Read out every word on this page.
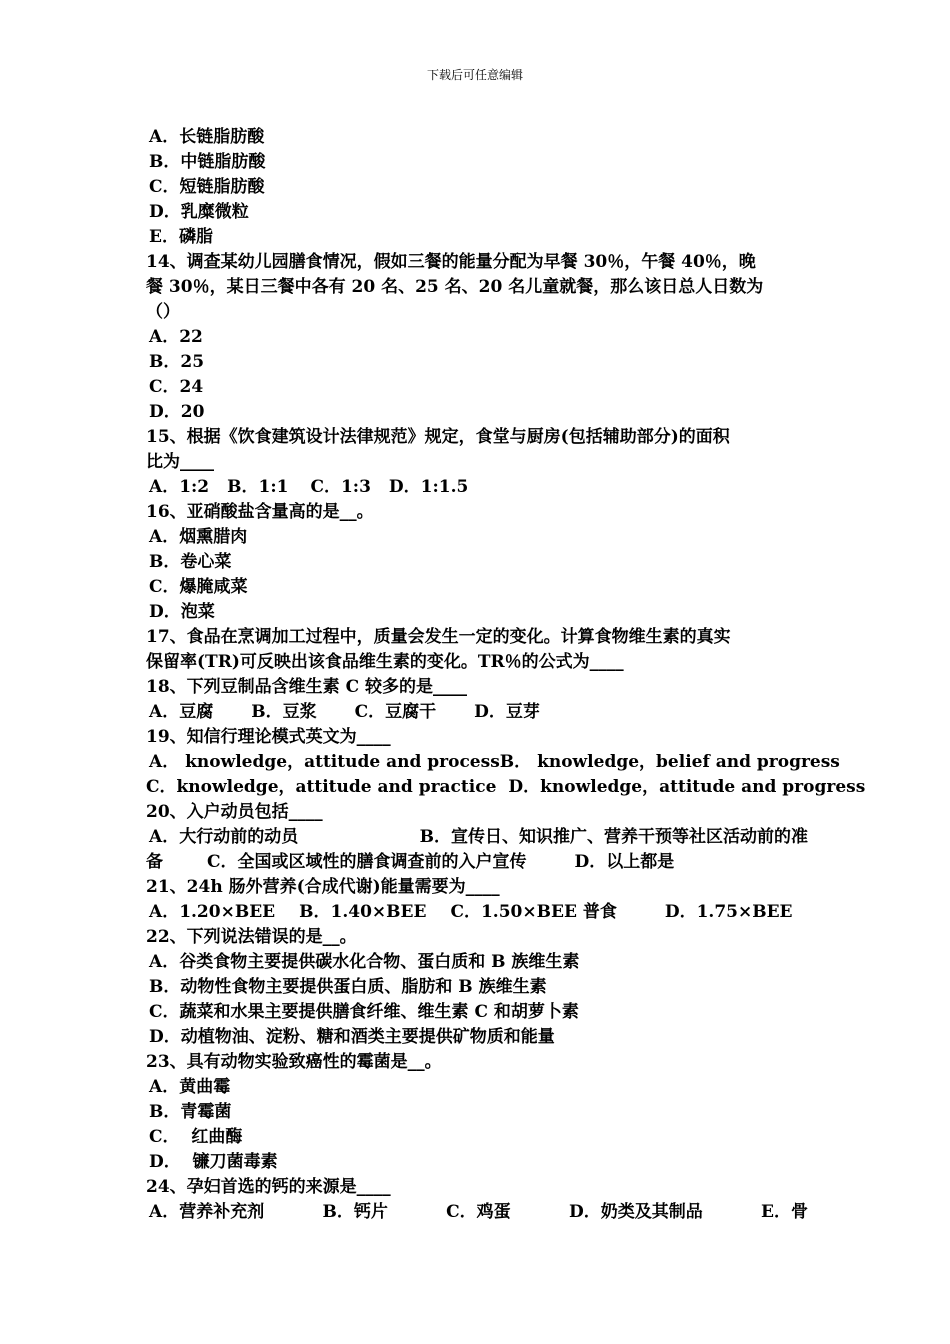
下载后可任意编辑
A．长链脂肪酸
B．中链脂肪酸
C．短链脂肪酸
D．乳糜微粒
E．磷脂
14、调查某幼儿园膳食情况，假如三餐的能量分配为早餐 30％，午餐 40％，晚
餐 30％，某日三餐中各有 20 名、25 名、20 名儿童就餐，那么该日总人日数为
（）
A．22
B．25
C．24
D．20
15、根据《饮食建筑设计法律规范》规定，食堂与厨房(包括辅助部分)的面积
比为____
A．1:2 B．1:1 C．1:3 D．1:1.5
16、亚硝酸盐含量高的是__。
A．烟熏腊肉
B．卷心菜
C．爆腌咸菜
D．泡菜
17、食品在烹调加工过程中，质量会发生一定的变化。计算食物维生素的真实
保留率(TR)可反映出该食品维生素的变化。TR％的公式为____
18、下列豆制品含维生素 C 较多的是____
A．豆腐 B．豆浆 C．豆腐干 D．豆芽
19、知信行理论模式英文为____
A． knowledge，attitude and process B． knowledge，belief and progress
C．knowledge，attitude and practice D．knowledge，attitude and progress
20、入户动员包括____
A．大行动前的动员	B．宣传日、知识推广、营养干预等社区活动前的准
备	C．全国或区域性的膳食调查前的入户宣传	D．以上都是
21、24h 肠外营养(合成代谢)能量需要为____
A．1.20×BEE B．1.40×BEE C．1.50×BEE 普食	D．1.75×BEE
22、下列说法错误的是__。
A．谷类食物主要提供碳水化合物、蛋白质和 B 族维生素
B．动物性食物主要提供蛋白质、脂肪和 B 族维生素
C．蔬菜和水果主要提供膳食纤维、维生素 C 和胡萝卜素
D．动植物油、淀粉、糖和酒类主要提供矿物质和能量
23、具有动物实验致癌性的霉菌是__。
A．黄曲霉
B．青霉菌
C．  红曲酶
D．  镰刀菌毒素
24、孕妇首选的钙的来源是____
A．营养补充剂	B．钙片	C．鸡蛋	D．奶类及其制品	E．骨
